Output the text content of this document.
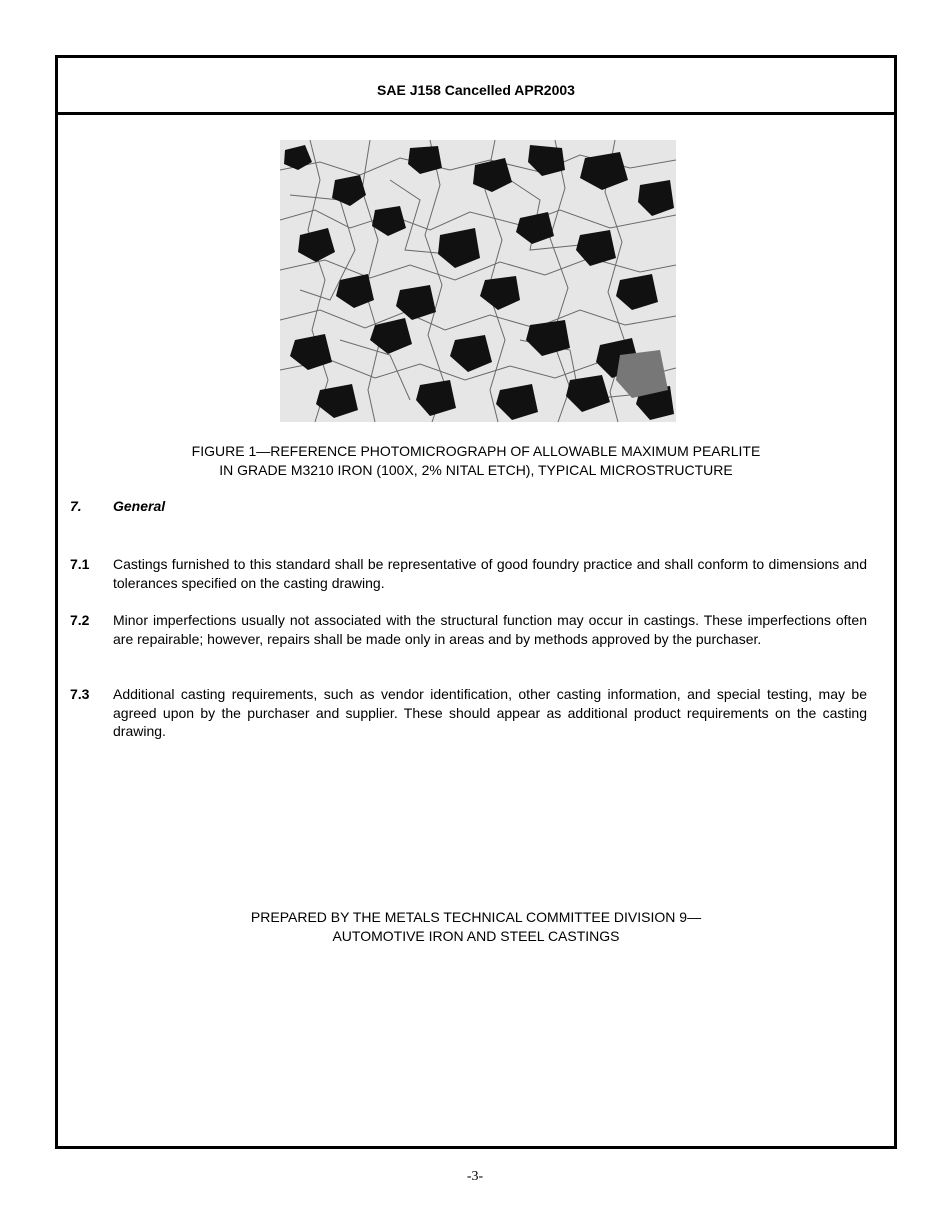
SAE J158 Cancelled APR2003
FIGURE 1—REFERENCE PHOTOMICROGRAPH OF ALLOWABLE MAXIMUM PEARLITE
IN GRADE M3210 IRON (100X, 2% NITAL ETCH), TYPICAL MICROSTRUCTURE
7. General
7.1 Castings furnished to this standard shall be representative of good foundry practice and shall conform to dimensions and tolerances specified on the casting drawing.
7.2 Minor imperfections usually not associated with the structural function may occur in castings. These imperfections often are repairable; however, repairs shall be made only in areas and by methods approved by the purchaser.
7.3 Additional casting requirements, such as vendor identification, other casting information, and special testing, may be agreed upon by the purchaser and supplier. These should appear as additional product requirements on the casting drawing.
PREPARED BY THE METALS TECHNICAL COMMITTEE DIVISION 9—
AUTOMOTIVE IRON AND STEEL CASTINGS
-3-
